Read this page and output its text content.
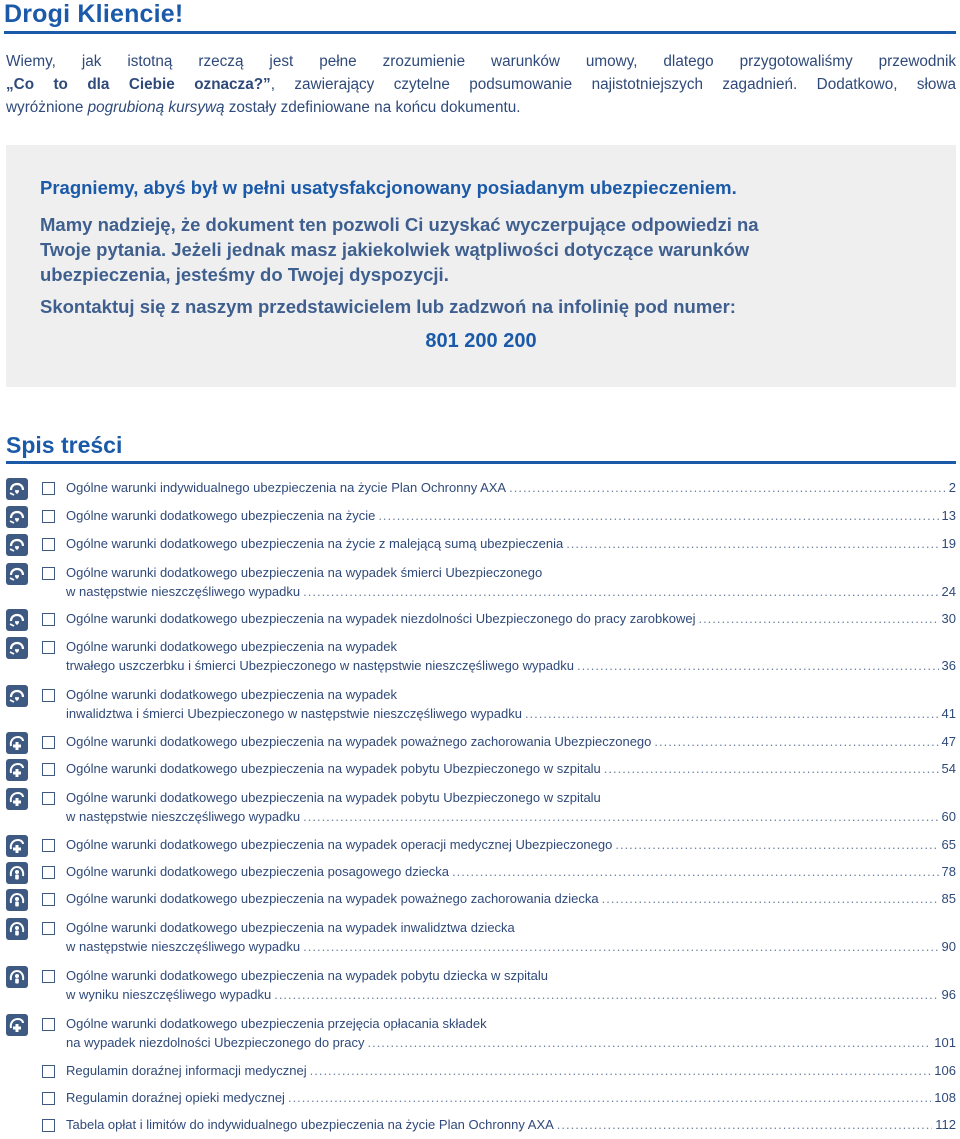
Drogi Kliencie!
Wiemy, jak istotną rzeczą jest pełne zrozumienie warunków umowy, dlatego przygotowaliśmy przewodnik
„Co to dla Ciebie oznacza?”, zawierający czytelne podsumowanie najistotniejszych zagadnień. Dodatkowo, słowa
wyróżnione pogrubioną kursywą zostały zdefiniowane na końcu dokumentu.
Pragniemy, abyś był w pełni usatysfakcjonowany posiadanym ubezpieczeniem.
Mamy nadzieję, że dokument ten pozwoli Ci uzyskać wyczerpujące odpowiedzi na
Twoje pytania. Jeżeli jednak masz jakiekolwiek wątpliwości dotyczące warunków
ubezpieczenia, jesteśmy do Twojej dyspozycji.
Skontaktuj się z naszym przedstawicielem lub zadzwoń na infolinię pod numer:
801 200 200
Spis treści
Ogólne warunki indywidualnego ubezpieczenia na życie Plan Ochronny AXA .....	2
Ogólne warunki dodatkowego ubezpieczenia na życie .....	13
Ogólne warunki dodatkowego ubezpieczenia na życie z malejącą sumą ubezpieczenia .....	19
Ogólne warunki dodatkowego ubezpieczenia na wypadek śmierci Ubezpieczonego
w następstwie nieszczęśliwego wypadku .....	24
Ogólne warunki dodatkowego ubezpieczenia na wypadek niezdolności Ubezpieczonego do pracy zarobkowej .....	30
Ogólne warunki dodatkowego ubezpieczenia na wypadek
trwałego uszczerbku i śmierci Ubezpieczonego w następstwie nieszczęśliwego wypadku .....	36
Ogólne warunki dodatkowego ubezpieczenia na wypadek
inwalidztwa i śmierci Ubezpieczonego w następstwie nieszczęśliwego wypadku .....	41
Ogólne warunki dodatkowego ubezpieczenia na wypadek poważnego zachorowania Ubezpieczonego .....	47
Ogólne warunki dodatkowego ubezpieczenia na wypadek pobytu Ubezpieczonego w szpitalu .....	54
Ogólne warunki dodatkowego ubezpieczenia na wypadek pobytu Ubezpieczonego w szpitalu
w następstwie nieszczęśliwego wypadku .....	60
Ogólne warunki dodatkowego ubezpieczenia na wypadek operacji medycznej Ubezpieczonego .....	65
Ogólne warunki dodatkowego ubezpieczenia posagowego dziecka .....	78
Ogólne warunki dodatkowego ubezpieczenia na wypadek poważnego zachorowania dziecka .....	85
Ogólne warunki dodatkowego ubezpieczenia na wypadek inwalidztwa dziecka
w następstwie nieszczęśliwego wypadku .....	90
Ogólne warunki dodatkowego ubezpieczenia na wypadek pobytu dziecka w szpitalu
w wyniku nieszczęśliwego wypadku .....	96
Ogólne warunki dodatkowego ubezpieczenia przejęcia opłacania składek
na wypadek niezdolności Ubezpieczonego do pracy .....	101
Regulamin doraźnej informacji medycznej .....	106
Regulamin doraźnej opieki medycznej .....	108
Tabela opłat i limitów do indywidualnego ubezpieczenia na życie Plan Ochronny AXA .....	112
